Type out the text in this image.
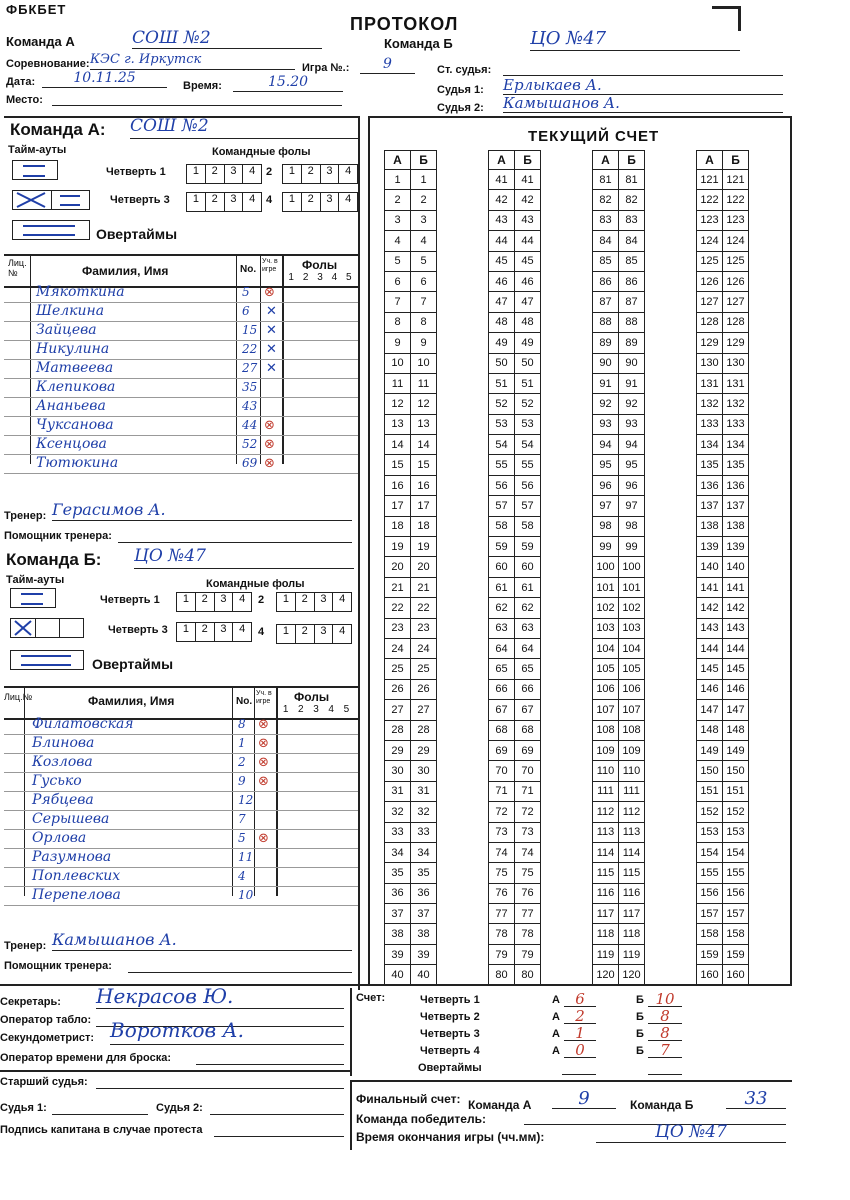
ФБКБЕТ
ПРОТОКОЛ
Команда А	СОШ №2	Команда Б	ЦО №47
Соревнование: КЭС г. Иркутск
Игра №.:	9	Ст. судья:
Дата:	10.11.25	Время:	15.20	Судья 1: Ерлыкаев А.
Место:
Судья 2: Камышанов А.
Команда А: СОШ №2
Тайм-ауты	Командные фолы
Четверть 1	1	2	3	4 2	1	2	3	4
Четверть 3	1	2	3	4 4	1	2	3	4
Овертаймы
Лиц. №	Фамилия, Имя	No.
Уч. в игре	Фолы
1 2 3 4 5
Мякоткина	5 ⊗
Шелкина	6 ✕
Зайцева	15 ✕
Никулина	22 ✕
Матвеева	27 ✕
Клепикова	35
Ананьева	43
Чуксанова	44 ⊗
Ксенцова	52 ⊗
Тютюкина	69 ⊗
Тренер: Герасимов А.
Помощник тренера:
Команда Б: ЦО №47
Тайм-ауты	Командные фолы
Четверть 1	1	2	3	4	2	1	2	3	4
Четверть 3	1	2	3	4	4	1	2	3	4
Овертаймы
Лиц.№	Фамилия, Имя	No.
Уч. в игре	Фолы
1 2 3 4 5
Филатовская	8 ⊗
Блинова	1 ⊗
Козлова	2 ⊗
Гусько	9 ⊗
Рябцева	12
Серышева	7
Орлова	5 ⊗
Разумнова	11
Поплевских	4
Перепелова	10
Тренер: Камышанов А.
Помощник тренера:
ТЕКУЩИЙ СЧЕТ
А	Б
1	1
2	2
3	3
4	4
5	5
6	6
7	7
8	8
9	9
10	10
11	11
12	12
13	13
14	14
15	15
16	16
17	17
18	18
19	19
20	20
21	21
22	22
23	23
24	24
25	25
26	26
27	27
28	28
29	29
30	30
31	31
32	32
33	33
34	34
35	35
36	36
37	37
38	38
39	39
40	40
А	Б
41	41
42	42
43	43
44	44
45	45
46	46
47	47
48	48
49	49
50	50
51	51
52	52
53	53
54	54
55	55
56	56
57	57
58	58
59	59
60	60
61	61
62	62
63	63
64	64
65	65
66	66
67	67
68	68
69	69
70	70
71	71
72	72
73	73
74	74
75	75
76	76
77	77
78	78
79	79
80	80
А	Б
81	81
82	82
83	83
84	84
85	85
86	86
87	87
88	88
89	89
90	90
91	91
92	92
93	93
94	94
95	95
96	96
97	97
98	98
99	99
100	100
101	101
102	102
103	103
104	104
105	105
106	106
107	107
108	108
109	109
110	110
111	111
112	112
113	113
114	114
115	115
116	116
117	117
118	118
119	119
120	120
А	Б
121	121
122	122
123	123
124	124
125	125
126	126
127	127
128	128
129	129
130	130
131	131
132	132
133	133
134	134
135	135
136	136
137	137
138	138
139	139
140	140
141	141
142	142
143	143
144	144
145	145
146	146
147	147
148	148
149	149
150	150
151	151
152	152
153	153
154	154
155	155
156	156
157	157
158	158
159	159
160	160
Секретарь: Некрасов Ю.
Оператор табло:
Секундометрист: Воротков А.
Оператор времени для броска:
Старший судья:
Судья 1:	Судья 2:
Подпись капитана в случае протеста
Счет:	Четверть 1	А	6	Б 10
Четверть 2	А	2	Б	8
Четверть 3	А	1	Б	8
Четверть 4	А	0	Б	7
Овертаймы
Финальный счет: Команда А	9	Команда Б	33
Команда победитель:
Время окончания игры (чч.мм):	ЦО №47
